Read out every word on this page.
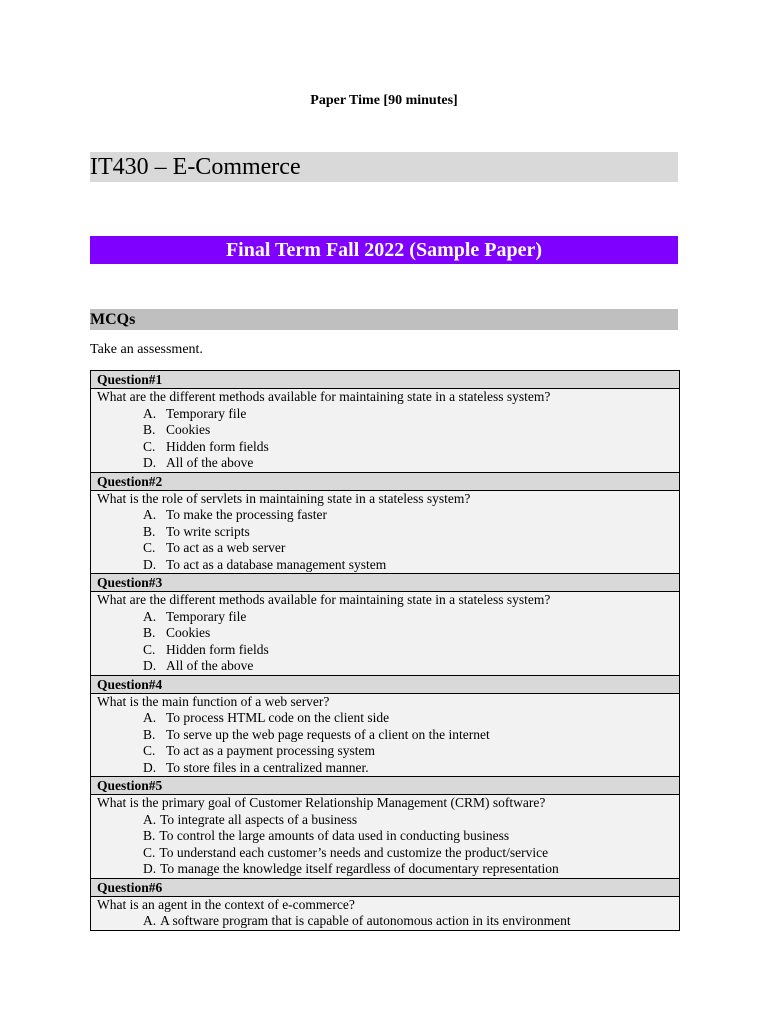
Paper Time [90 minutes]
IT430 – E-Commerce
Final Term Fall 2022 (Sample Paper)
MCQs
Take an assessment.
Question#1
What are the different methods available for maintaining state in a stateless system?
A. Temporary file
B. Cookies
C. Hidden form fields
D. All of the above
Question#2
What is the role of servlets in maintaining state in a stateless system?
A. To make the processing faster
B. To write scripts
C. To act as a web server
D. To act as a database management system
Question#3
What are the different methods available for maintaining state in a stateless system?
A. Temporary file
B. Cookies
C. Hidden form fields
D. All of the above
Question#4
What is the main function of a web server?
A. To process HTML code on the client side
B. To serve up the web page requests of a client on the internet
C. To act as a payment processing system
D. To store files in a centralized manner.
Question#5
What is the primary goal of Customer Relationship Management (CRM) software?
A. To integrate all aspects of a business
B. To control the large amounts of data used in conducting business
C. To understand each customer’s needs and customize the product/service
D. To manage the knowledge itself regardless of documentary representation
Question#6
What is an agent in the context of e-commerce?
A. A software program that is capable of autonomous action in its environment
